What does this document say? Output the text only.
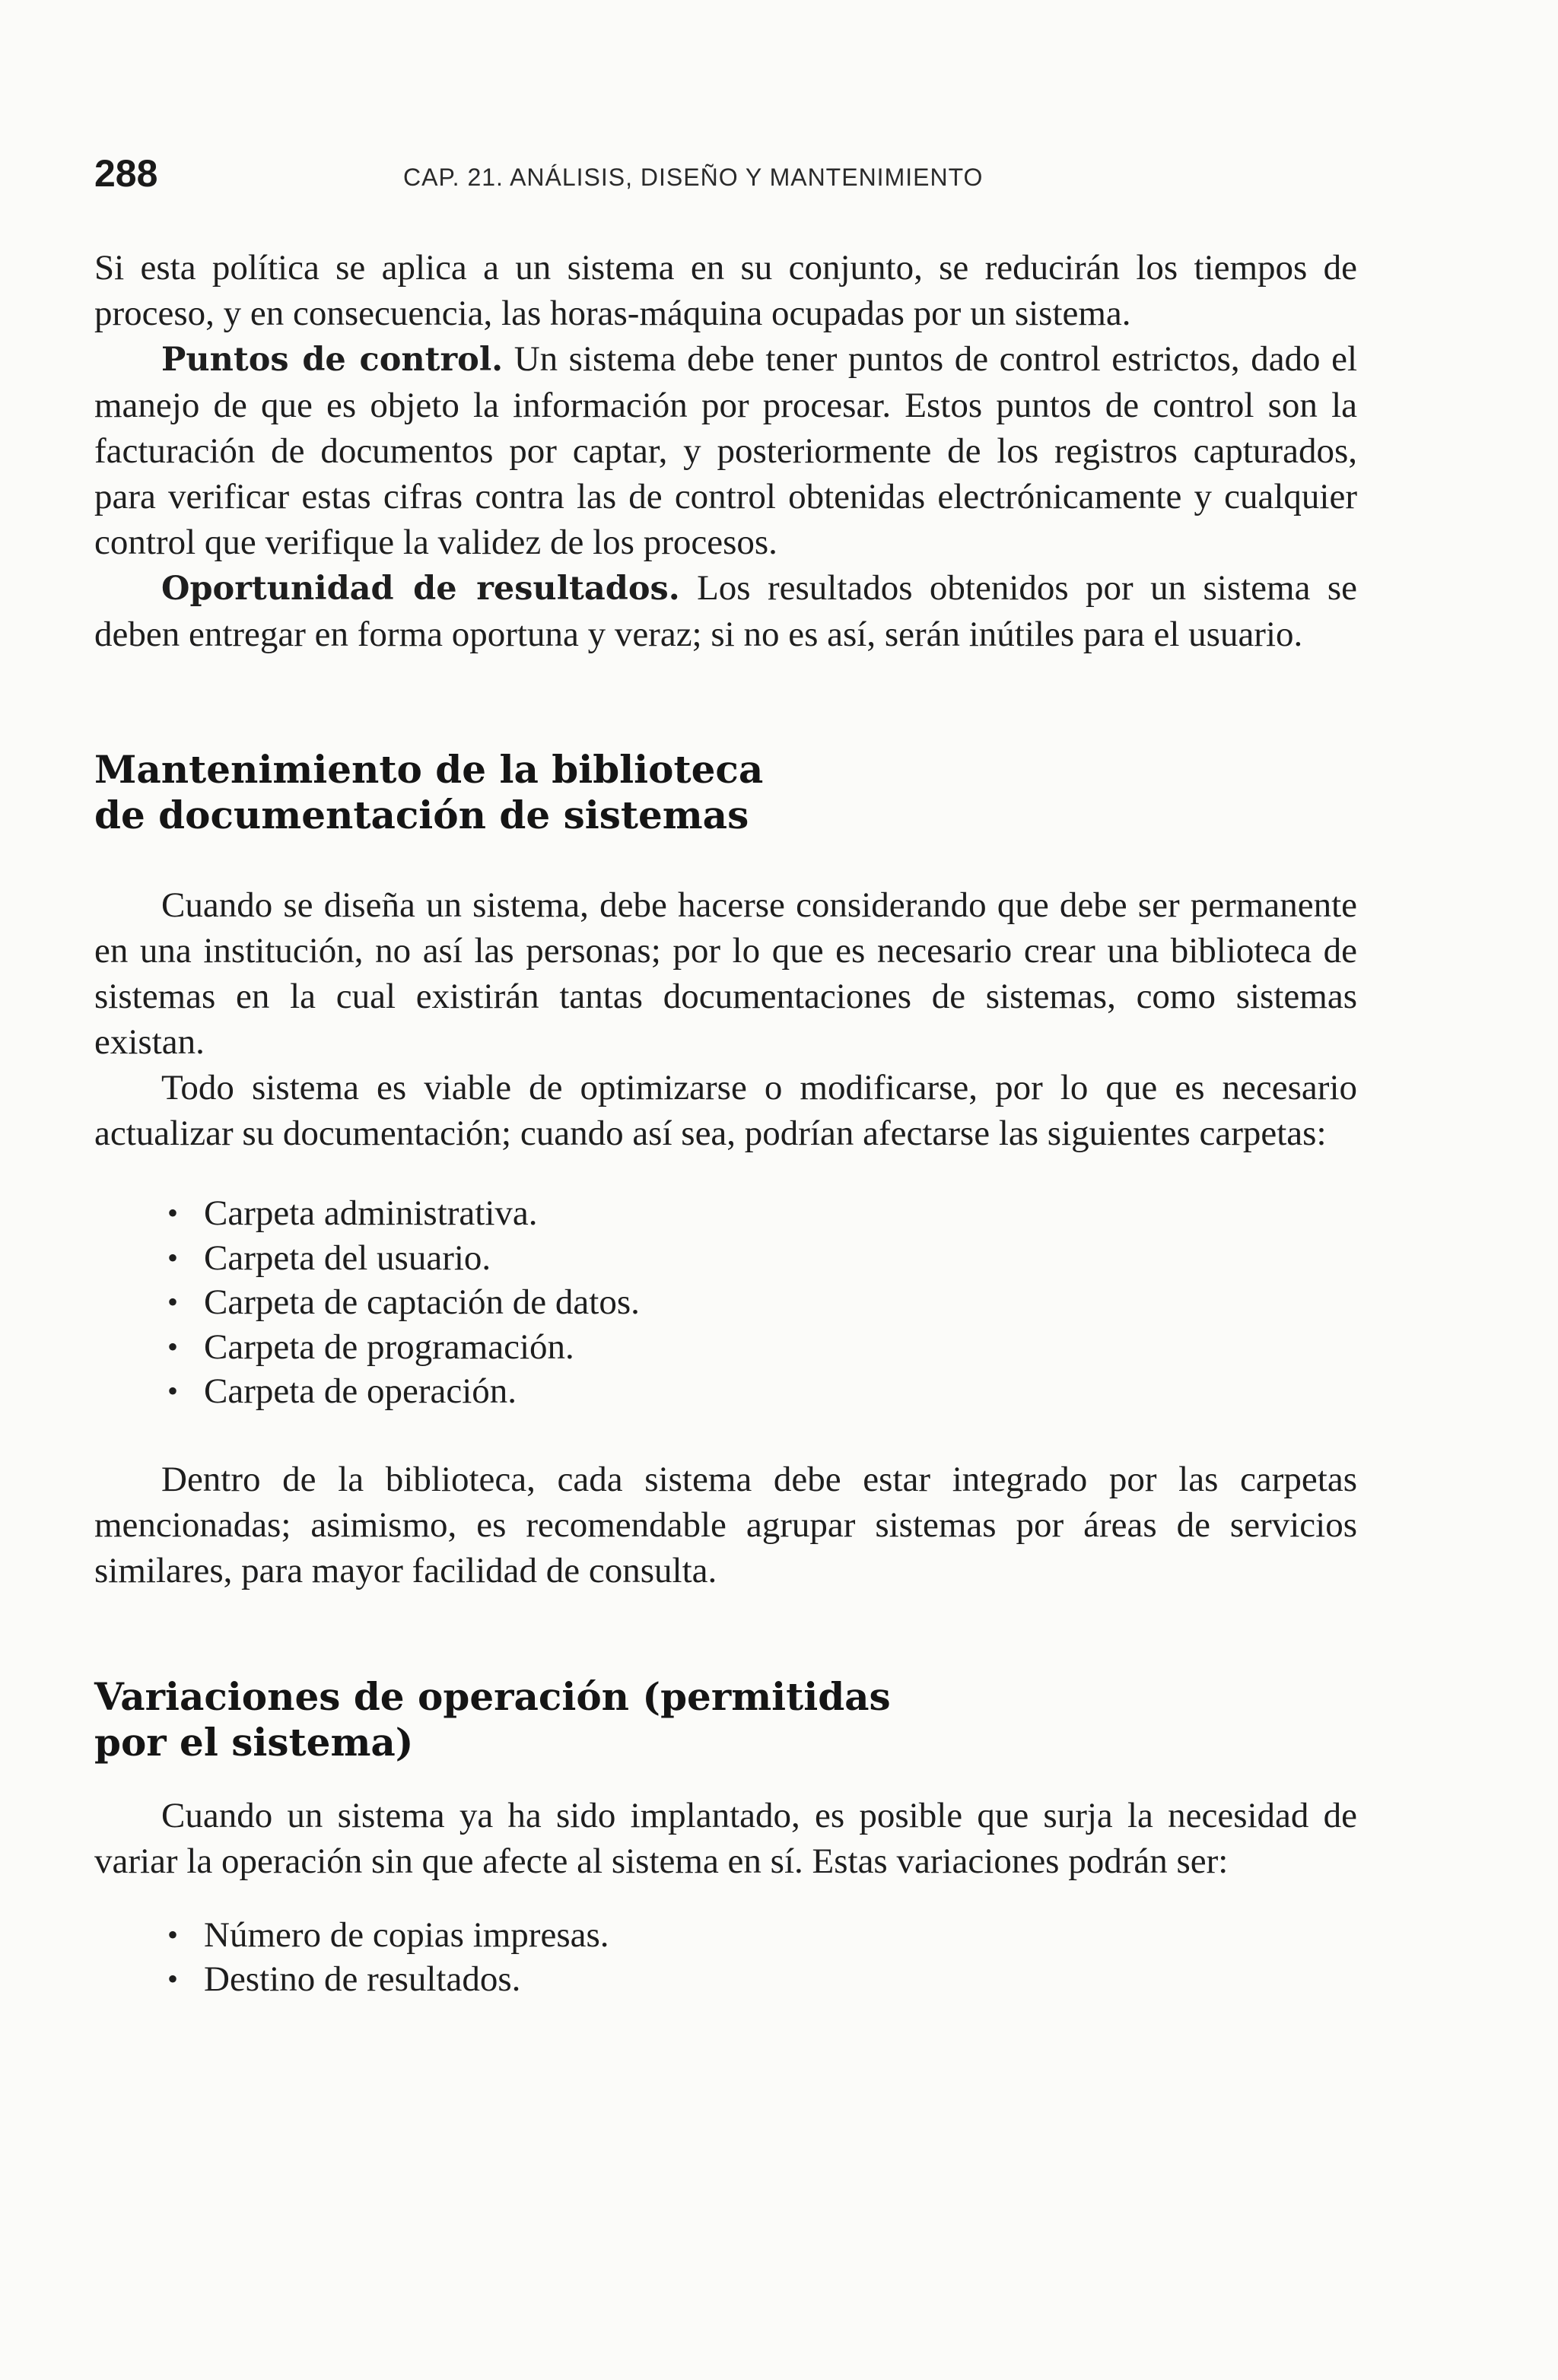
288	CAP. 21. ANÁLISIS, DISEÑO Y MANTENIMIENTO

Si esta política se aplica a un sistema en su conjunto, se reducirán los tiempos de proceso, y en consecuencia, las horas-máquina ocupadas por un sistema.

Puntos de control. Un sistema debe tener puntos de control estrictos, dado el manejo de que es objeto la información por procesar. Estos puntos de control son la facturación de documentos por captar, y posteriormente de los registros capturados, para verificar estas cifras contra las de control obtenidas electrónicamente y cualquier control que verifique la validez de los procesos.

Oportunidad de resultados. Los resultados obtenidos por un sistema se deben entregar en forma oportuna y veraz; si no es así, serán inútiles para el usuario.

Mantenimiento de la biblioteca
de documentación de sistemas

Cuando se diseña un sistema, debe hacerse considerando que debe ser permanente en una institución, no así las personas; por lo que es necesario crear una biblioteca de sistemas en la cual existirán tantas documentaciones de sistemas, como sistemas existan.

Todo sistema es viable de optimizarse o modificarse, por lo que es necesario actualizar su documentación; cuando así sea, podrían afectarse las siguientes carpetas:

• Carpeta administrativa.
• Carpeta del usuario.
• Carpeta de captación de datos.
• Carpeta de programación.
• Carpeta de operación.

Dentro de la biblioteca, cada sistema debe estar integrado por las carpetas mencionadas; asimismo, es recomendable agrupar sistemas por áreas de servicios similares, para mayor facilidad de consulta.

Variaciones de operación (permitidas
por el sistema)

Cuando un sistema ya ha sido implantado, es posible que surja la necesidad de variar la operación sin que afecte al sistema en sí. Estas variaciones podrán ser:

• Número de copias impresas.
• Destino de resultados.
